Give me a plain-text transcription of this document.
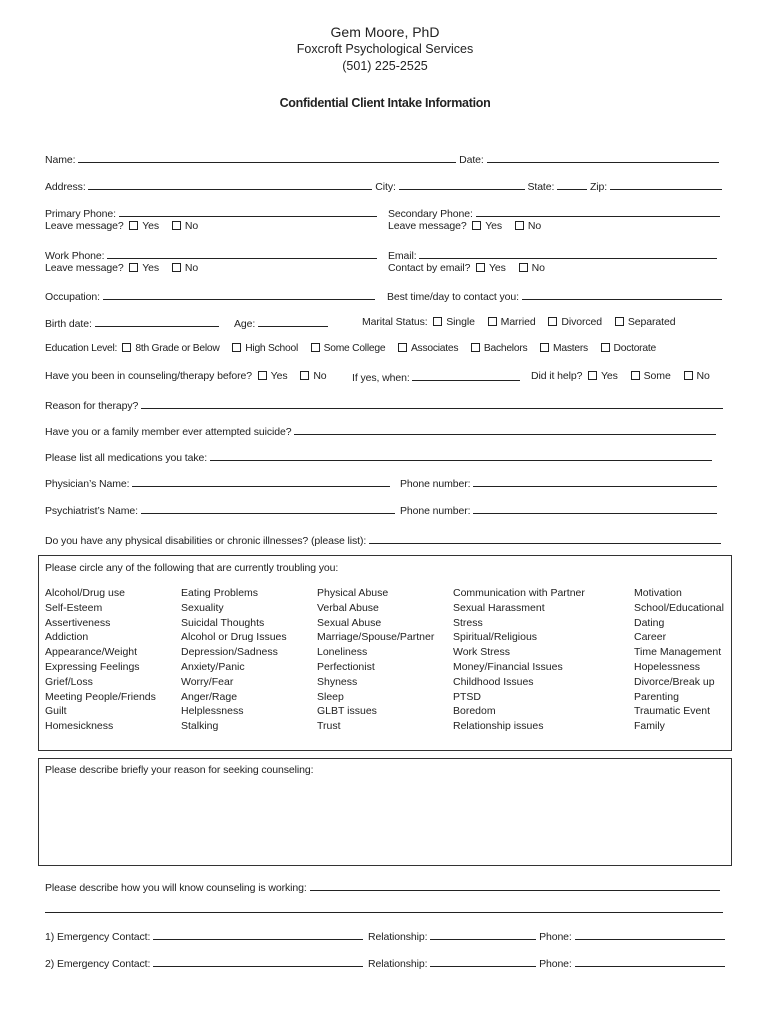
Gem Moore, PhD
Foxcroft Psychological Services
(501) 225-2525
Confidential Client Intake Information
Name:	Date:
Address:	City:	State:	Zip:
Primary Phone:
Leave message? Yes No
Secondary Phone:
Leave message? Yes No
Work Phone:
Leave message? Yes No
Email:
Contact by email? Yes No
Occupation:	Best time/day to contact you:
Birth date:	Age:	Marital Status: Single Married Divorced Separated
Education Level: 8th Grade or Below High School Some College Associates Bachelors Masters Doctorate
Have you been in counseling/therapy before? Yes No	If yes, when:	Did it help? Yes Some No
Reason for therapy?
Have you or a family member ever attempted suicide?
Please list all medications you take:
Physician’s Name:	Phone number:
Psychiatrist’s Name:	Phone number:
Do you have any physical disabilities or chronic illnesses? (please list):
Please circle any of the following that are currently troubling you:
Alcohol/Drug use
Self-Esteem
Assertiveness
Addiction
Appearance/Weight
Expressing Feelings
Grief/Loss
Meeting People/Friends
Guilt
Homesickness
Eating Problems
Sexuality
Suicidal Thoughts
Alcohol or Drug Issues
Depression/Sadness
Anxiety/Panic
Worry/Fear
Anger/Rage
Helplessness
Stalking
Physical Abuse
Verbal Abuse
Sexual Abuse
Marriage/Spouse/Partner
Loneliness
Perfectionist
Shyness
Sleep
GLBT issues
Trust
Communication with Partner
Sexual Harassment
Stress
Spiritual/Religious
Work Stress
Money/Financial Issues
Childhood Issues
PTSD
Boredom
Relationship issues
Motivation
School/Educational
Dating
Career
Time Management
Hopelessness
Divorce/Break up
Parenting
Traumatic Event
Family
Please describe briefly your reason for seeking counseling:
Please describe how you will know counseling is working:
1) Emergency Contact:	Relationship:	Phone:
2) Emergency Contact:	Relationship:	Phone:
